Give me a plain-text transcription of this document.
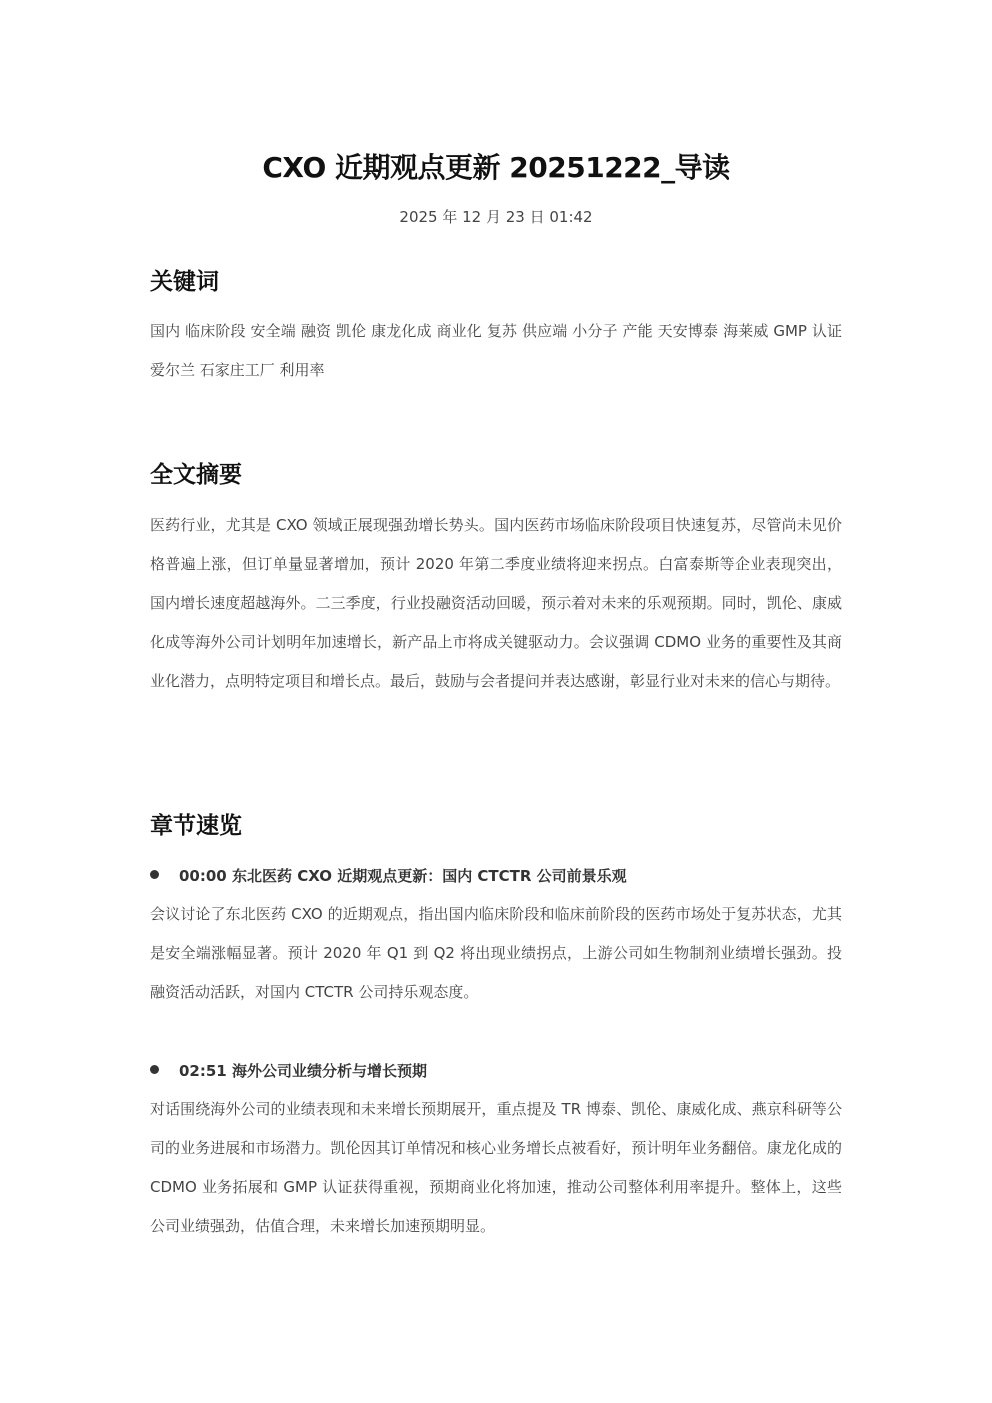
CXO 近期观点更新 20251222_导读
2025 年 12 月 23 日 01:42
关键词
国内 临床阶段 安全端 融资 凯伦 康龙化成 商业化 复苏 供应端 小分子 产能 天安博泰 海莱威 GMP 认证 爱尔兰 石家庄工厂 利用率
全文摘要
医药行业，尤其是 CXO 领域正展现强劲增长势头。国内医药市场临床阶段项目快速复苏，尽管尚未见价格普遍上涨，但订单量显著增加，预计 2020 年第二季度业绩将迎来拐点。白富泰斯等企业表现突出，国内增长速度超越海外。二三季度，行业投融资活动回暖，预示着对未来的乐观预期。同时，凯伦、康威化成等海外公司计划明年加速增长，新产品上市将成关键驱动力。会议强调 CDMO 业务的重要性及其商业化潜力，点明特定项目和增长点。最后，鼓励与会者提问并表达感谢，彰显行业对未来的信心与期待。
章节速览
00:00 东北医药 CXO 近期观点更新：国内 CTCTR 公司前景乐观
会议讨论了东北医药 CXO 的近期观点，指出国内临床阶段和临床前阶段的医药市场处于复苏状态，尤其是安全端涨幅显著。预计 2020 年 Q1 到 Q2 将出现业绩拐点，上游公司如生物制剂业绩增长强劲。投融资活动活跃，对国内 CTCTR 公司持乐观态度。
02:51 海外公司业绩分析与增长预期
对话围绕海外公司的业绩表现和未来增长预期展开，重点提及 TR 博泰、凯伦、康威化成、燕京科研等公司的业务进展和市场潜力。凯伦因其订单情况和核心业务增长点被看好，预计明年业务翻倍。康龙化成的 CDMO 业务拓展和 GMP 认证获得重视，预期商业化将加速，推动公司整体利用率提升。整体上，这些公司业绩强劲，估值合理，未来增长加速预期明显。
